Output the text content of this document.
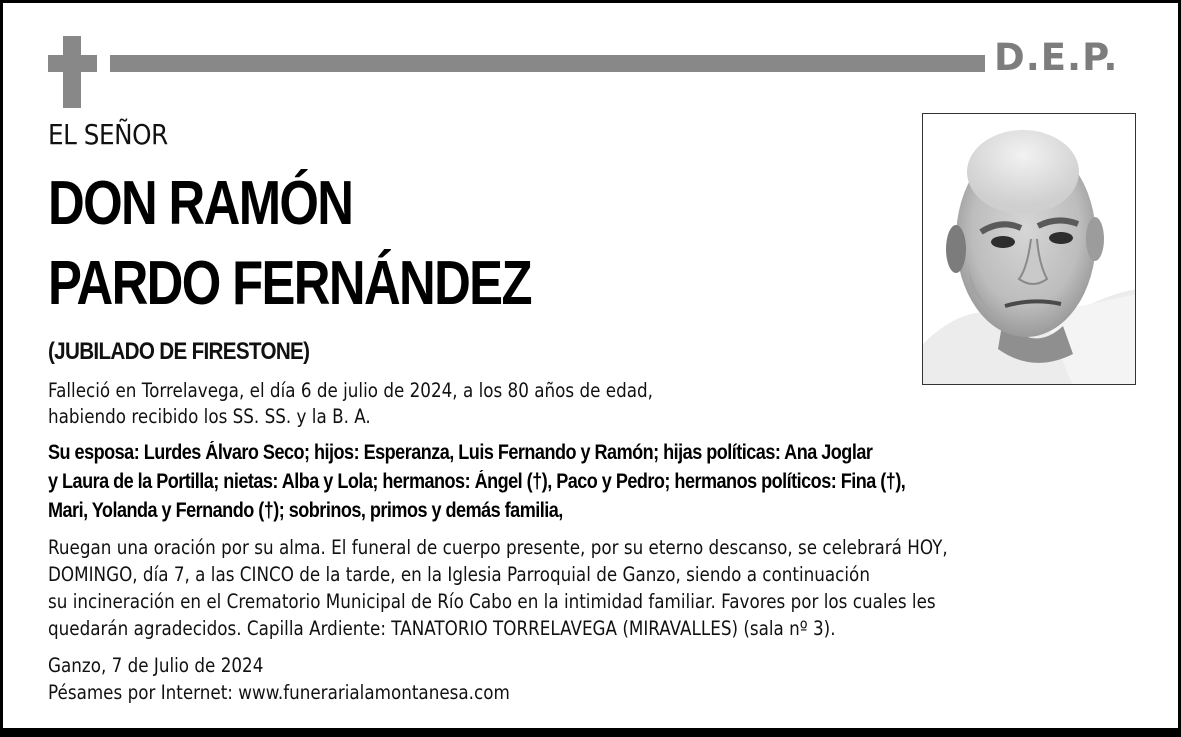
D.E.P.
EL SEÑOR
DON RAMÓN
PARDO FERNÁNDEZ
(JUBILADO DE FIRESTONE)
Falleció en Torrelavega, el día 6 de julio de 2024, a los 80 años de edad,
habiendo recibido los SS. SS. y la B. A.
Su esposa: Lurdes Álvaro Seco; hijos: Esperanza, Luis Fernando y Ramón; hijas políticas: Ana Joglar
y Laura de la Portilla; nietas: Alba y Lola; hermanos: Ángel (†), Paco y Pedro; hermanos políticos: Fina (†),
Mari, Yolanda y Fernando (†); sobrinos, primos y demás familia,
Ruegan una oración por su alma. El funeral de cuerpo presente, por su eterno descanso, se celebrará HOY,
DOMINGO, día 7, a las CINCO de la tarde, en la Iglesia Parroquial de Ganzo, siendo a continuación
su incineración en el Crematorio Municipal de Río Cabo en la intimidad familiar. Favores por los cuales les
quedarán agradecidos. Capilla Ardiente: TANATORIO TORRELAVEGA (MIRAVALLES) (sala nº 3).
Ganzo, 7 de Julio de 2024
Pésames por Internet: www.funerarialamontanesa.com
